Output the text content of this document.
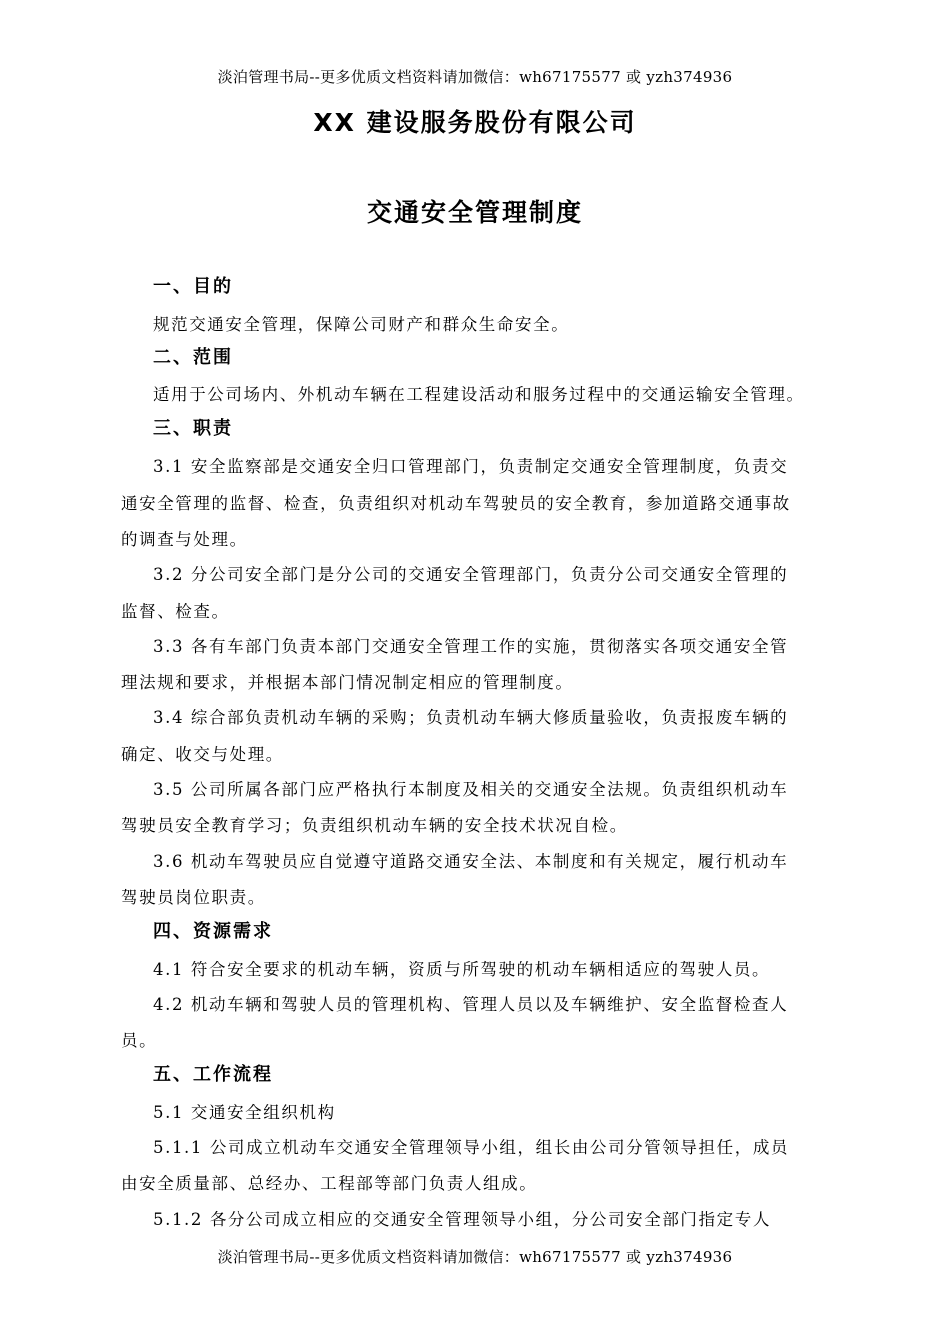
淡泊管理书局--更多优质文档资料请加微信：wh67175577 或 yzh374936
XX 建设服务股份有限公司
交通安全管理制度
一、目的
规范交通安全管理，保障公司财产和群众生命安全。
二、范围
适用于公司场内、外机动车辆在工程建设活动和服务过程中的交通运输安全管理。
三、职责
3.1 安全监察部是交通安全归口管理部门，负责制定交通安全管理制度，负责交
通安全管理的监督、检查，负责组织对机动车驾驶员的安全教育，参加道路交通事故
的调查与处理。
3.2 分公司安全部门是分公司的交通安全管理部门，负责分公司交通安全管理的
监督、检查。
3.3 各有车部门负责本部门交通安全管理工作的实施，贯彻落实各项交通安全管
理法规和要求，并根据本部门情况制定相应的管理制度。
3.4 综合部负责机动车辆的采购；负责机动车辆大修质量验收，负责报废车辆的
确定、收交与处理。
3.5 公司所属各部门应严格执行本制度及相关的交通安全法规。负责组织机动车
驾驶员安全教育学习；负责组织机动车辆的安全技术状况自检。
3.6 机动车驾驶员应自觉遵守道路交通安全法、本制度和有关规定，履行机动车
驾驶员岗位职责。
四、资源需求
4.1 符合安全要求的机动车辆，资质与所驾驶的机动车辆相适应的驾驶人员。
4.2 机动车辆和驾驶人员的管理机构、管理人员以及车辆维护、安全监督检查人
员。
五、工作流程
5.1 交通安全组织机构
5.1.1 公司成立机动车交通安全管理领导小组，组长由公司分管领导担任，成员
由安全质量部、总经办、工程部等部门负责人组成。
5.1.2 各分公司成立相应的交通安全管理领导小组，分公司安全部门指定专人
淡泊管理书局--更多优质文档资料请加微信：wh67175577 或 yzh374936
